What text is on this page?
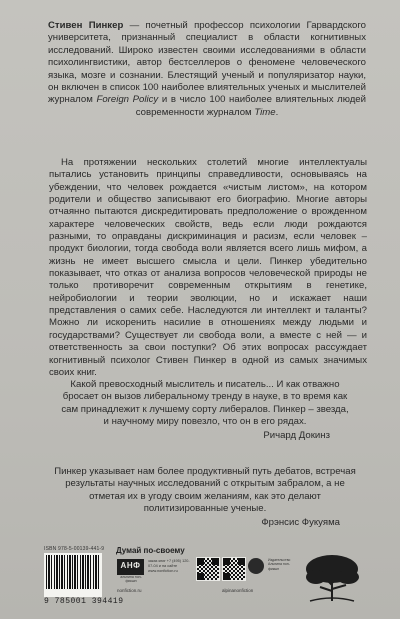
Стивен Пинкер — почетный профессор психологии Гарвардского университета, признанный специалист в области когнитивных исследований. Широко известен своими исследованиями в области психолингвистики, автор бестселлеров о феномене человеческого языка, мозге и сознании. Блестящий ученый и популяризатор науки, он включен в список 100 наиболее влиятельных ученых и мыслителей журналом Foreign Policy и в число 100 наиболее влиятельных людей современности журналом Time.

На протяжении нескольких столетий многие интеллектуалы пытались установить принципы справедливости, основываясь на убеждении, что человек рождается «чистым листом», на котором родители и общество записывают его биографию. Многие авторы отчаянно пытаются дискредитировать предположение о врожденном характере человеческих свойств, ведь если люди рождаются разными, то оправданы дискриминация и расизм, если человек – продукт биологии, тогда свобода воли является всего лишь мифом, а жизнь не имеет высшего смысла и цели. Пинкер убедительно показывает, что отказ от анализа вопросов человеческой природы не только противоречит современным открытиям в генетике, нейробиологии и теории эволюции, но и искажает наши представления о самих себе. Наследуются ли интеллект и таланты? Можно ли искоренить насилие в отношениях между людьми и государствами? Существует ли свобода воли, а вместе с ней — и ответственность за свои поступки? Об этих вопросах рассуждает когнитивный психолог Стивен Пинкер в одной из самых значимых своих книг.

Какой превосходный мыслитель и писатель... И как отважно бросает он вызов либеральному тренду в науке, в то время как сам принадлежит к лучшему сорту либералов. Пинкер – звезда, и научному миру повезло, что он в его рядах.
Ричард Докинз
Пинкер указывает нам более продуктивный путь дебатов, встречая результаты научных исследований с открытым забралом, а не отметая их в угоду своим желаниям, как это делают политизированные ученые.
Фрэнсис Фукуяма
ISBN 978-5-00139-441-9
9 785001 394419
Думай по-своему
АНФ
альпина нон-фикшн
заказ книг +7 (495) 120-07-04 и на сайте www.nonfiction.ru
nonfiction.ru	alpinanonfiction
Издательство Альпина нон-фикшн
